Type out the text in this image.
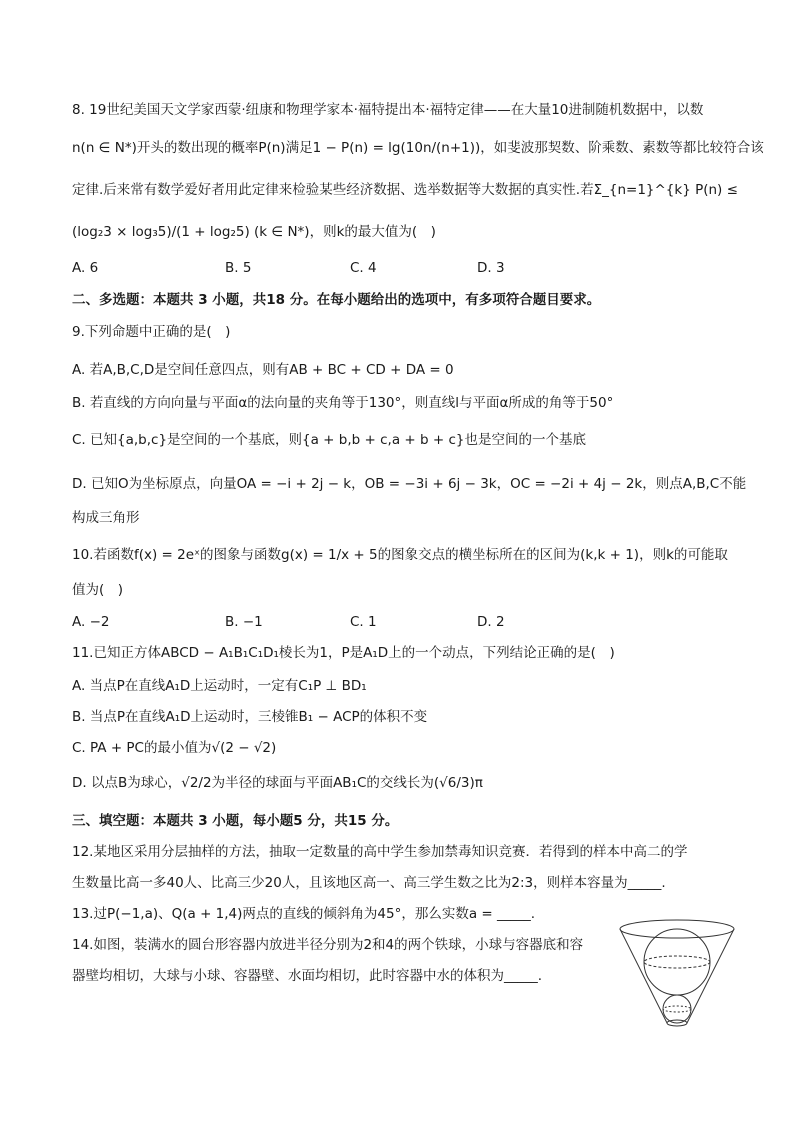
8. 19世纪美国天文学家西蒙·纽康和物理学家本·福特提出本·福特定律——在大量10进制随机数据中，以数
n(n ∈ N*)开头的数出现的概率P(n)满足1 − P(n) = lg(10n/(n+1))，如斐波那契数、阶乘数、素数等都比较符合该
定律.后来常有数学爱好者用此定律来检验某些经济数据、选举数据等大数据的真实性.若Σ_{n=1}^{k} P(n) ≤
(log₂3 × log₃5)/(1 + log₂5) (k ∈ N*)，则k的最大值为(　)
A. 6	B. 5	C. 4	D. 3
二、多选题：本题共 3 小题，共18 分。在每小题给出的选项中，有多项符合题目要求。
9.下列命题中正确的是(　)
A. 若A,B,C,D是空间任意四点，则有AB + BC + CD + DA = 0
B. 若直线的方向向量与平面α的法向量的夹角等于130°，则直线l与平面α所成的角等于50°
C. 已知{a,b,c}是空间的一个基底，则{a + b,b + c,a + b + c}也是空间的一个基底
D. 已知O为坐标原点，向量OA = −i + 2j − k，OB = −3i + 6j − 3k，OC = −2i + 4j − 2k，则点A,B,C不能
构成三角形
10.若函数f(x) = 2eˣ的图象与函数g(x) = 1/x + 5的图象交点的横坐标所在的区间为(k,k + 1)，则k的可能取
值为(　)
A. −2	B. −1	C. 1	D. 2
11.已知正方体ABCD − A₁B₁C₁D₁棱长为1，P是A₁D上的一个动点，下列结论正确的是(　)
A. 当点P在直线A₁D上运动时，一定有C₁P ⊥ BD₁
B. 当点P在直线A₁D上运动时，三棱锥B₁ − ACP的体积不变
C. PA + PC的最小值为√(2 − √2)
D. 以点B为球心，√2/2为半径的球面与平面AB₁C的交线长为(√6/3)π
三、填空题：本题共 3 小题，每小题5 分，共15 分。
12.某地区采用分层抽样的方法，抽取一定数量的高中学生参加禁毒知识竞赛．若得到的样本中高二的学
生数量比高一多40人、比高三少20人，且该地区高一、高三学生数之比为2:3，则样本容量为_____.
13.过P(−1,a)、Q(a + 1,4)两点的直线的倾斜角为45°，那么实数a = _____.
14.如图，装满水的圆台形容器内放进半径分别为2和4的两个铁球，小球与容器底和容
器壁均相切，大球与小球、容器壁、水面均相切，此时容器中水的体积为_____.
